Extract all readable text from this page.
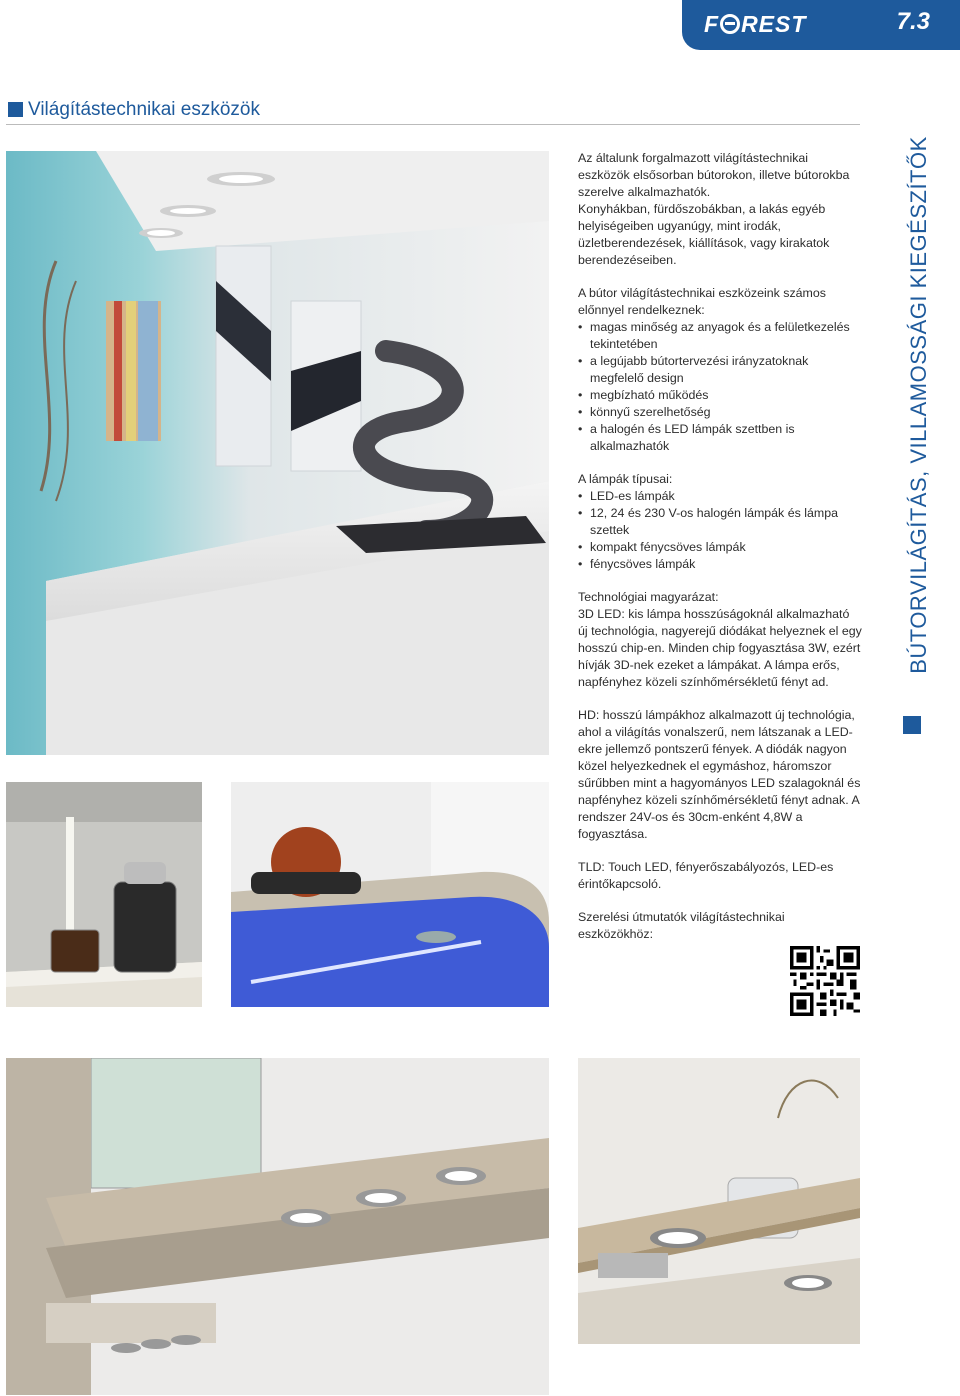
F REST	7.3
Világítástechnikai eszközök
BÚTORVILÁGÍTÁS, VILLAMOSSÁGI KIEGÉSZÍTŐK

Az általunk forgalmazott világítástechnikai eszközök elsősorban bútorokon, illetve bútorokba szerelve alkalmazhatók.
Konyhákban, fürdőszobákban, a lakás egyéb helyiségeiben ugyanúgy, mint irodák, üzletberendezések, kiállítások, vagy kirakatok berendezéseiben.

A bútor világítástechnikai eszközeink számos előnnyel rendelkeznek:

• magas minőség az anyagok és a felületkezelés tekintetében
• a legújabb bútortervezési irányzatoknak megfelelő design
• megbízható működés
• könnyű szerelhetőség
• a halogén és LED lámpák szettben is alkalmazhatók

A lámpák típusai:

• LED-es lámpák
• 12, 24 és 230 V-os halogén lámpák és lámpa szettek
• kompakt fénycsöves lámpák
• fénycsöves lámpák

Technológiai magyarázat:

3D LED: kis lámpa hosszúságoknál alkalmazható új technológia, nagyerejű diódákat helyeznek el egy hosszú chip-en. Minden chip fogyasztása 3W, ezért hívják 3D-nek ezeket a lámpákat. A lámpa erős, napfényhez közeli színhőmérsékletű fényt ad.

HD: hosszú lámpákhoz alkalmazott új technológia, ahol a világítás vonalszerű, nem látszanak a LED-ekre jellemző pontszerű fények. A diódák nagyon közel helyezkednek el egymáshoz, háromszor sűrűbben mint a hagyományos LED szalagoknál és napfényhez közeli színhőmérsékletű fényt adnak. A rendszer 24V-os és 30cm-enként 4,8W a fogyasztása.

TLD: Touch LED, fényerőszabályozós, LED-es érintőkapcsoló.

Szerelési útmutatók világítástechnikai eszközökhöz:
